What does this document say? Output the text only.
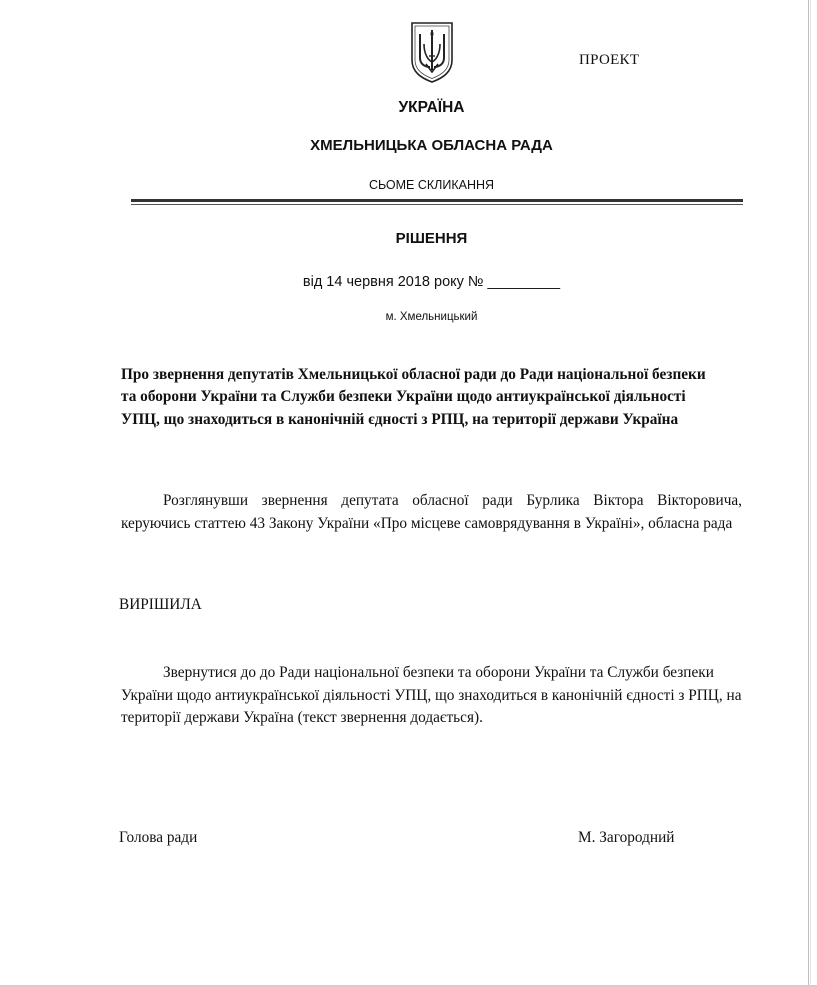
ПРОЕКТ
УКРАЇНА
ХМЕЛЬНИЦЬКА ОБЛАСНА РАДА
СЬОМЕ СКЛИКАННЯ
РІШЕННЯ
від 14 червня 2018 року № _________
м. Хмельницький
Про звернення депутатів Хмельницької обласної ради до Ради національної безпеки та оборони України та Служби безпеки України щодо антиукраїнської діяльності УПЦ, що знаходиться в канонічній єдності з РПЦ, на території держави Україна
Розглянувши звернення депутата обласної ради Бурлика Віктора Вікторовича, керуючись статтею 43 Закону України «Про місцеве самоврядування в Україні», обласна рада
ВИРІШИЛА
Звернутися до до Ради національної безпеки та оборони України та Служби безпеки України щодо антиукраїнської діяльності УПЦ, що знаходиться в канонічній єдності з РПЦ, на території держави Україна (текст звернення додається).
Голова ради	М. Загородний
